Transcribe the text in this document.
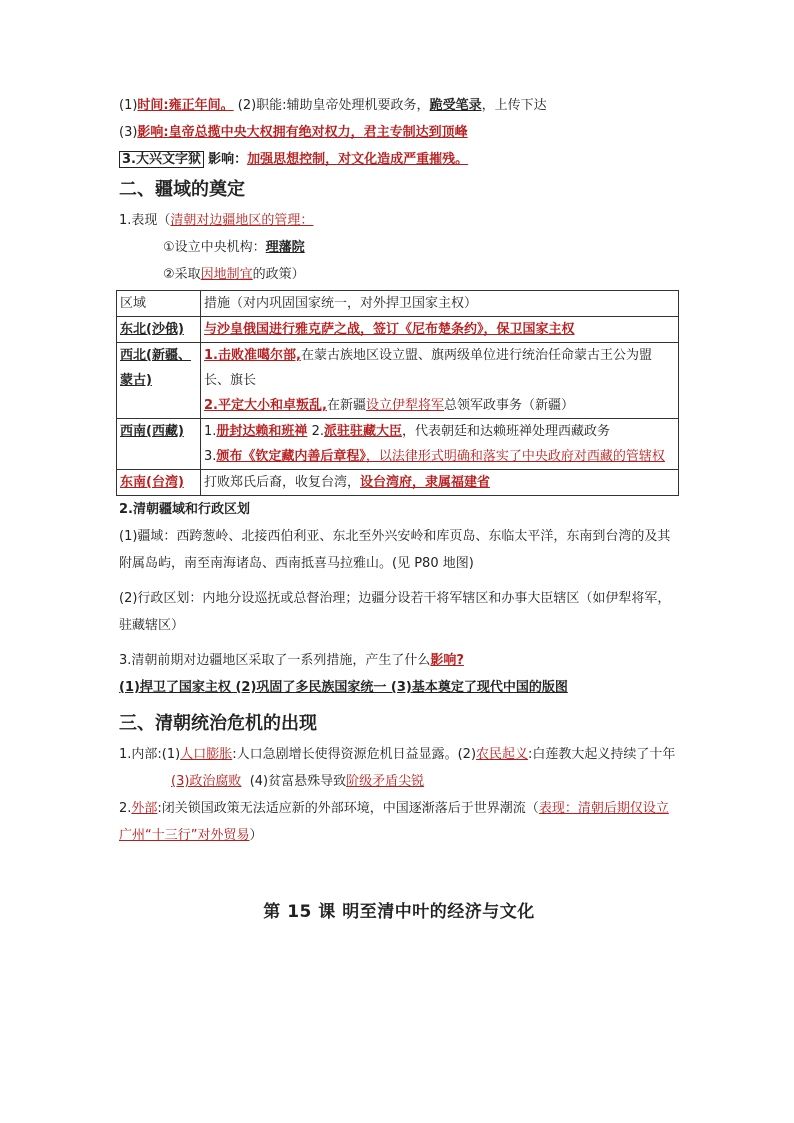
(1)时间:雍正年间。 (2)职能:辅助皇帝处理机要政务，跪受笔录，上传下达
(3)影响:皇帝总揽中央大权拥有绝对权力，君主专制达到顶峰
3.大兴文字狱 影响：加强思想控制，对文化造成严重摧残。
二、疆域的奠定
1.表现（清朝对边疆地区的管理：
①设立中央机构：理藩院
②采取因地制宜的政策）
区域	措施（对内巩固国家统一，对外捍卫国家主权）
东北(沙俄)	与沙皇俄国进行雅克萨之战，签订《尼布楚条约》，保卫国家主权
西北(新疆、蒙古)	1.击败准噶尔部,在蒙古族地区设立盟、旗两级单位进行统治任命蒙古王公为盟长、旗长
2.平定大小和卓叛乱,在新疆设立伊犁将军总领军政事务（新疆）

西南(西藏)	1.册封达赖和班禅 2.派驻驻藏大臣，代表朝廷和达赖班禅处理西藏政务
3.颁布《钦定藏内善后章程》，以法律形式明确和落实了中央政府对西藏的管辖权

东南(台湾)	打败郑氏后裔，收复台湾，设台湾府，隶属福建省
2.清朝疆域和行政区划
(1)疆域：西跨葱岭、北接西伯利亚、东北至外兴安岭和库页岛、东临太平洋，东南到台湾的及其附属岛屿，南至南海诸岛、西南抵喜马拉雅山。(见 P80 地图)
(2)行政区划：内地分设巡抚或总督治理；边疆分设若干将军辖区和办事大臣辖区（如伊犁将军，驻藏辖区）
3.清朝前期对边疆地区采取了一系列措施，产生了什么影响?
(1)捍卫了国家主权 (2)巩固了多民族国家统一 (3)基本奠定了现代中国的版图
三、清朝统治危机的出现
1.内部:(1)人口膨胀:人口急剧增长使得资源危机日益显露。(2)农民起义:白莲教大起义持续了十年
(3)政治腐败 (4)贫富悬殊导致阶级矛盾尖锐
2.外部:闭关锁国政策无法适应新的外部环境，中国逐渐落后于世界潮流（表现：清朝后期仅设立广州“十三行”对外贸易）
第 15 课 明至清中叶的经济与文化
